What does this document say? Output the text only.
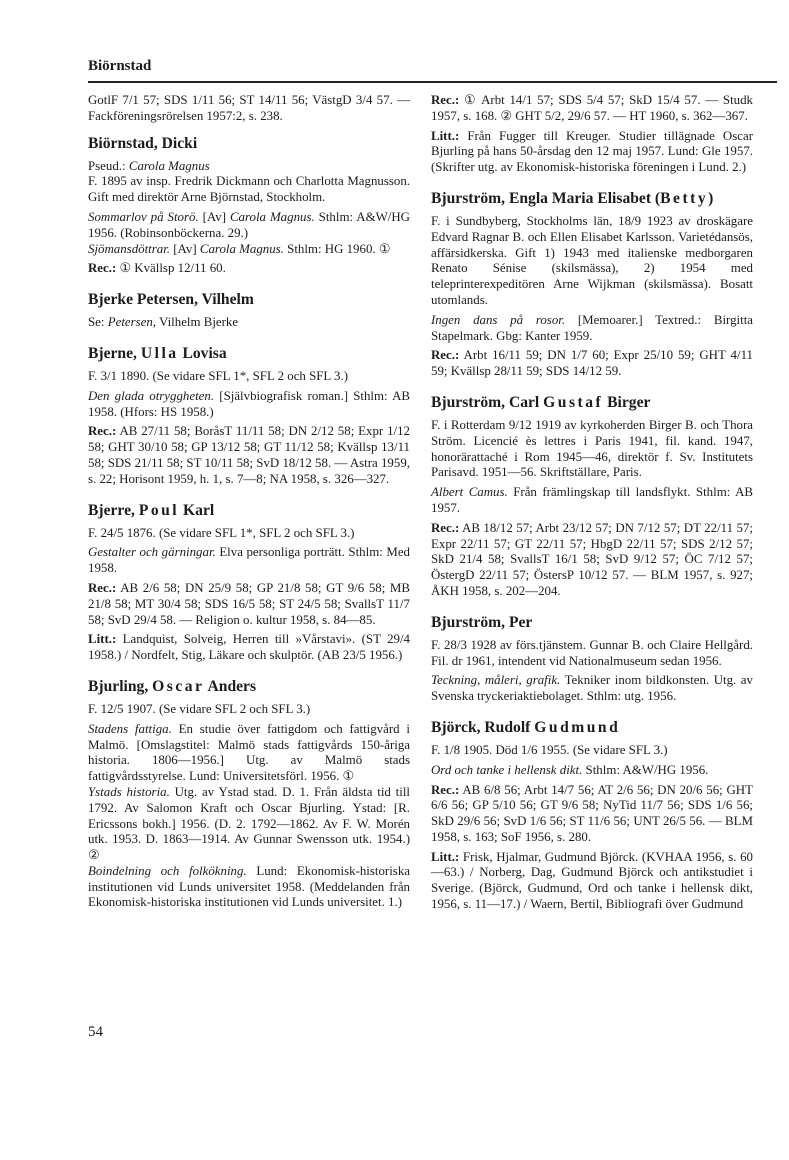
Biörnstad

GotlF 7/1 57; SDS 1/11 56; ST 14/11 56; VästgD 3/4 57. — Fackföreningsrörelsen 1957:2, s. 238.

Biörnstad, Dicki

Pseud.: Carola Magnus

F. 1895 av insp. Fredrik Dickmann och Charlotta Magnusson. Gift med direktör Arne Björnstad, Stockholm.

Sommarlov på Storö. [Av] Carola Magnus. Sthlm: A&W/HG 1956. (Robinsonböckerna. 29.)

Sjömansdöttrar. [Av] Carola Magnus. Sthlm: HG 1960. ①

Rec.: ① Kvällsp 12/11 60.

Bjerke Petersen, Vilhelm

Se: Petersen, Vilhelm Bjerke

Bjerne, Ulla Lovisa

F. 3/1 1890. (Se vidare SFL 1*, SFL 2 och SFL 3.)

Den glada otryggheten. [Självbiografisk roman.] Sthlm: AB 1958. (Hfors: HS 1958.)

Rec.: AB 27/11 58; BoråsT 11/11 58; DN 2/12 58; Expr 1/12 58; GHT 30/10 58; GP 13/12 58; GT 11/12 58; Kvällsp 13/11 58; SDS 21/11 58; ST 10/11 58; SvD 18/12 58. — Astra 1959, s. 22; Horisont 1959, h. 1, s. 7—8; NA 1958, s. 326—327.

Bjerre, Poul Karl

F. 24/5 1876. (Se vidare SFL 1*, SFL 2 och SFL 3.)

Gestalter och gärningar. Elva personliga porträtt. Sthlm: Med 1958.

Rec.: AB 2/6 58; DN 25/9 58; GP 21/8 58; GT 9/6 58; MB 21/8 58; MT 30/4 58; SDS 16/5 58; ST 24/5 58; SvallsT 11/7 58; SvD 29/4 58. — Religion o. kultur 1958, s. 84—85.

Litt.: Landquist, Solveig, Herren till »Vårstavi». (ST 29/4 1958.) / Nordfelt, Stig, Läkare och skulptör. (AB 23/5 1956.)

Bjurling, Oscar Anders

F. 12/5 1907. (Se vidare SFL 2 och SFL 3.)

Stadens fattiga. En studie över fattigdom och fattigvård i Malmö. [Omslagstitel: Malmö stads fattigvårds 150-åriga historia. 1806—1956.] Utg. av Malmö stads fattigvårdsstyrelse. Lund: Universitetsförl. 1956. ①

Ystads historia. Utg. av Ystad stad. D. 1. Från äldsta tid till 1792. Av Salomon Kraft och Oscar Bjurling. Ystad: [R. Ericssons bokh.] 1956. (D. 2. 1792—1862. Av F. W. Morén utk. 1953. D. 1863—1914. Av Gunnar Swensson utk. 1954.) ②

Boindelning och folkökning. Lund: Ekonomisk-historiska institutionen vid Lunds universitet 1958. (Meddelanden från Ekonomisk-historiska institutionen vid Lunds universitet. 1.)

Rec.: ① Arbt 14/1 57; SDS 5/4 57; SkD 15/4 57. — Studk 1957, s. 168. ② GHT 5/2, 29/6 57. — HT 1960, s. 362—367.

Litt.: Från Fugger till Kreuger. Studier tillägnade Oscar Bjurling på hans 50-årsdag den 12 maj 1957. Lund: Gle 1957. (Skrifter utg. av Ekonomisk-historiska föreningen i Lund. 2.)

Bjurström, Engla Maria Elisabet (Betty)

F. i Sundbyberg, Stockholms län, 18/9 1923 av droskägare Edvard Ragnar B. och Ellen Elisabet Karlsson. Varietédansös, affärsidkerska. Gift 1) 1943 med italienske medborgaren Renato Sénise (skilsmässa), 2) 1954 med teleprinterexpeditören Arne Wijkman (skilsmässa). Bosatt utomlands.

Ingen dans på rosor. [Memoarer.] Textred.: Birgitta Stapelmark. Gbg: Kanter 1959.

Rec.: Arbt 16/11 59; DN 1/7 60; Expr 25/10 59; GHT 4/11 59; Kvällsp 28/11 59; SDS 14/12 59.

Bjurström, Carl Gustaf Birger

F. i Rotterdam 9/12 1919 av kyrkoherden Birger B. och Thora Ström. Licencié ès lettres i Paris 1941, fil. kand. 1947, honorärattaché i Rom 1945—46, direktör f. Sv. Institutets Parisavd. 1951—56. Skriftställare, Paris.

Albert Camus. Från främlingskap till landsflykt. Sthlm: AB 1957.

Rec.: AB 18/12 57; Arbt 23/12 57; DN 7/12 57; DT 22/11 57; Expr 22/11 57; GT 22/11 57; HbgD 22/11 57; SDS 2/12 57; SkD 21/4 58; SvallsT 16/1 58; SvD 9/12 57; ÖC 7/12 57; ÖstergD 22/11 57; ÖstersP 10/12 57. — BLM 1957, s. 927; ÅKH 1958, s. 202—204.

Bjurström, Per

F. 28/3 1928 av förs.tjänstem. Gunnar B. och Claire Hellgård. Fil. dr 1961, intendent vid Nationalmuseum sedan 1956.

Teckning, måleri, grafik. Tekniker inom bildkonsten. Utg. av Svenska tryckeriaktiebolaget. Sthlm: utg. 1956.

Björck, Rudolf Gudmund

F. 1/8 1905. Död 1/6 1955. (Se vidare SFL 3.)

Ord och tanke i hellensk dikt. Sthlm: A&W/HG 1956.

Rec.: AB 6/8 56; Arbt 14/7 56; AT 2/6 56; DN 20/6 56; GHT 6/6 56; GP 5/10 56; GT 9/6 58; NyTid 11/7 56; SDS 1/6 56; SkD 29/6 56; SvD 1/6 56; ST 11/6 56; UNT 26/5 56. — BLM 1958, s. 163; SoF 1956, s. 280.

Litt.: Frisk, Hjalmar, Gudmund Björck. (KVHAA 1956, s. 60—63.) / Norberg, Dag, Gudmund Björck och antikstudiet i Sverige. (Björck, Gudmund, Ord och tanke i hellensk dikt, 1956, s. 11—17.) / Waern, Bertil, Bibliografi över Gudmund

54
